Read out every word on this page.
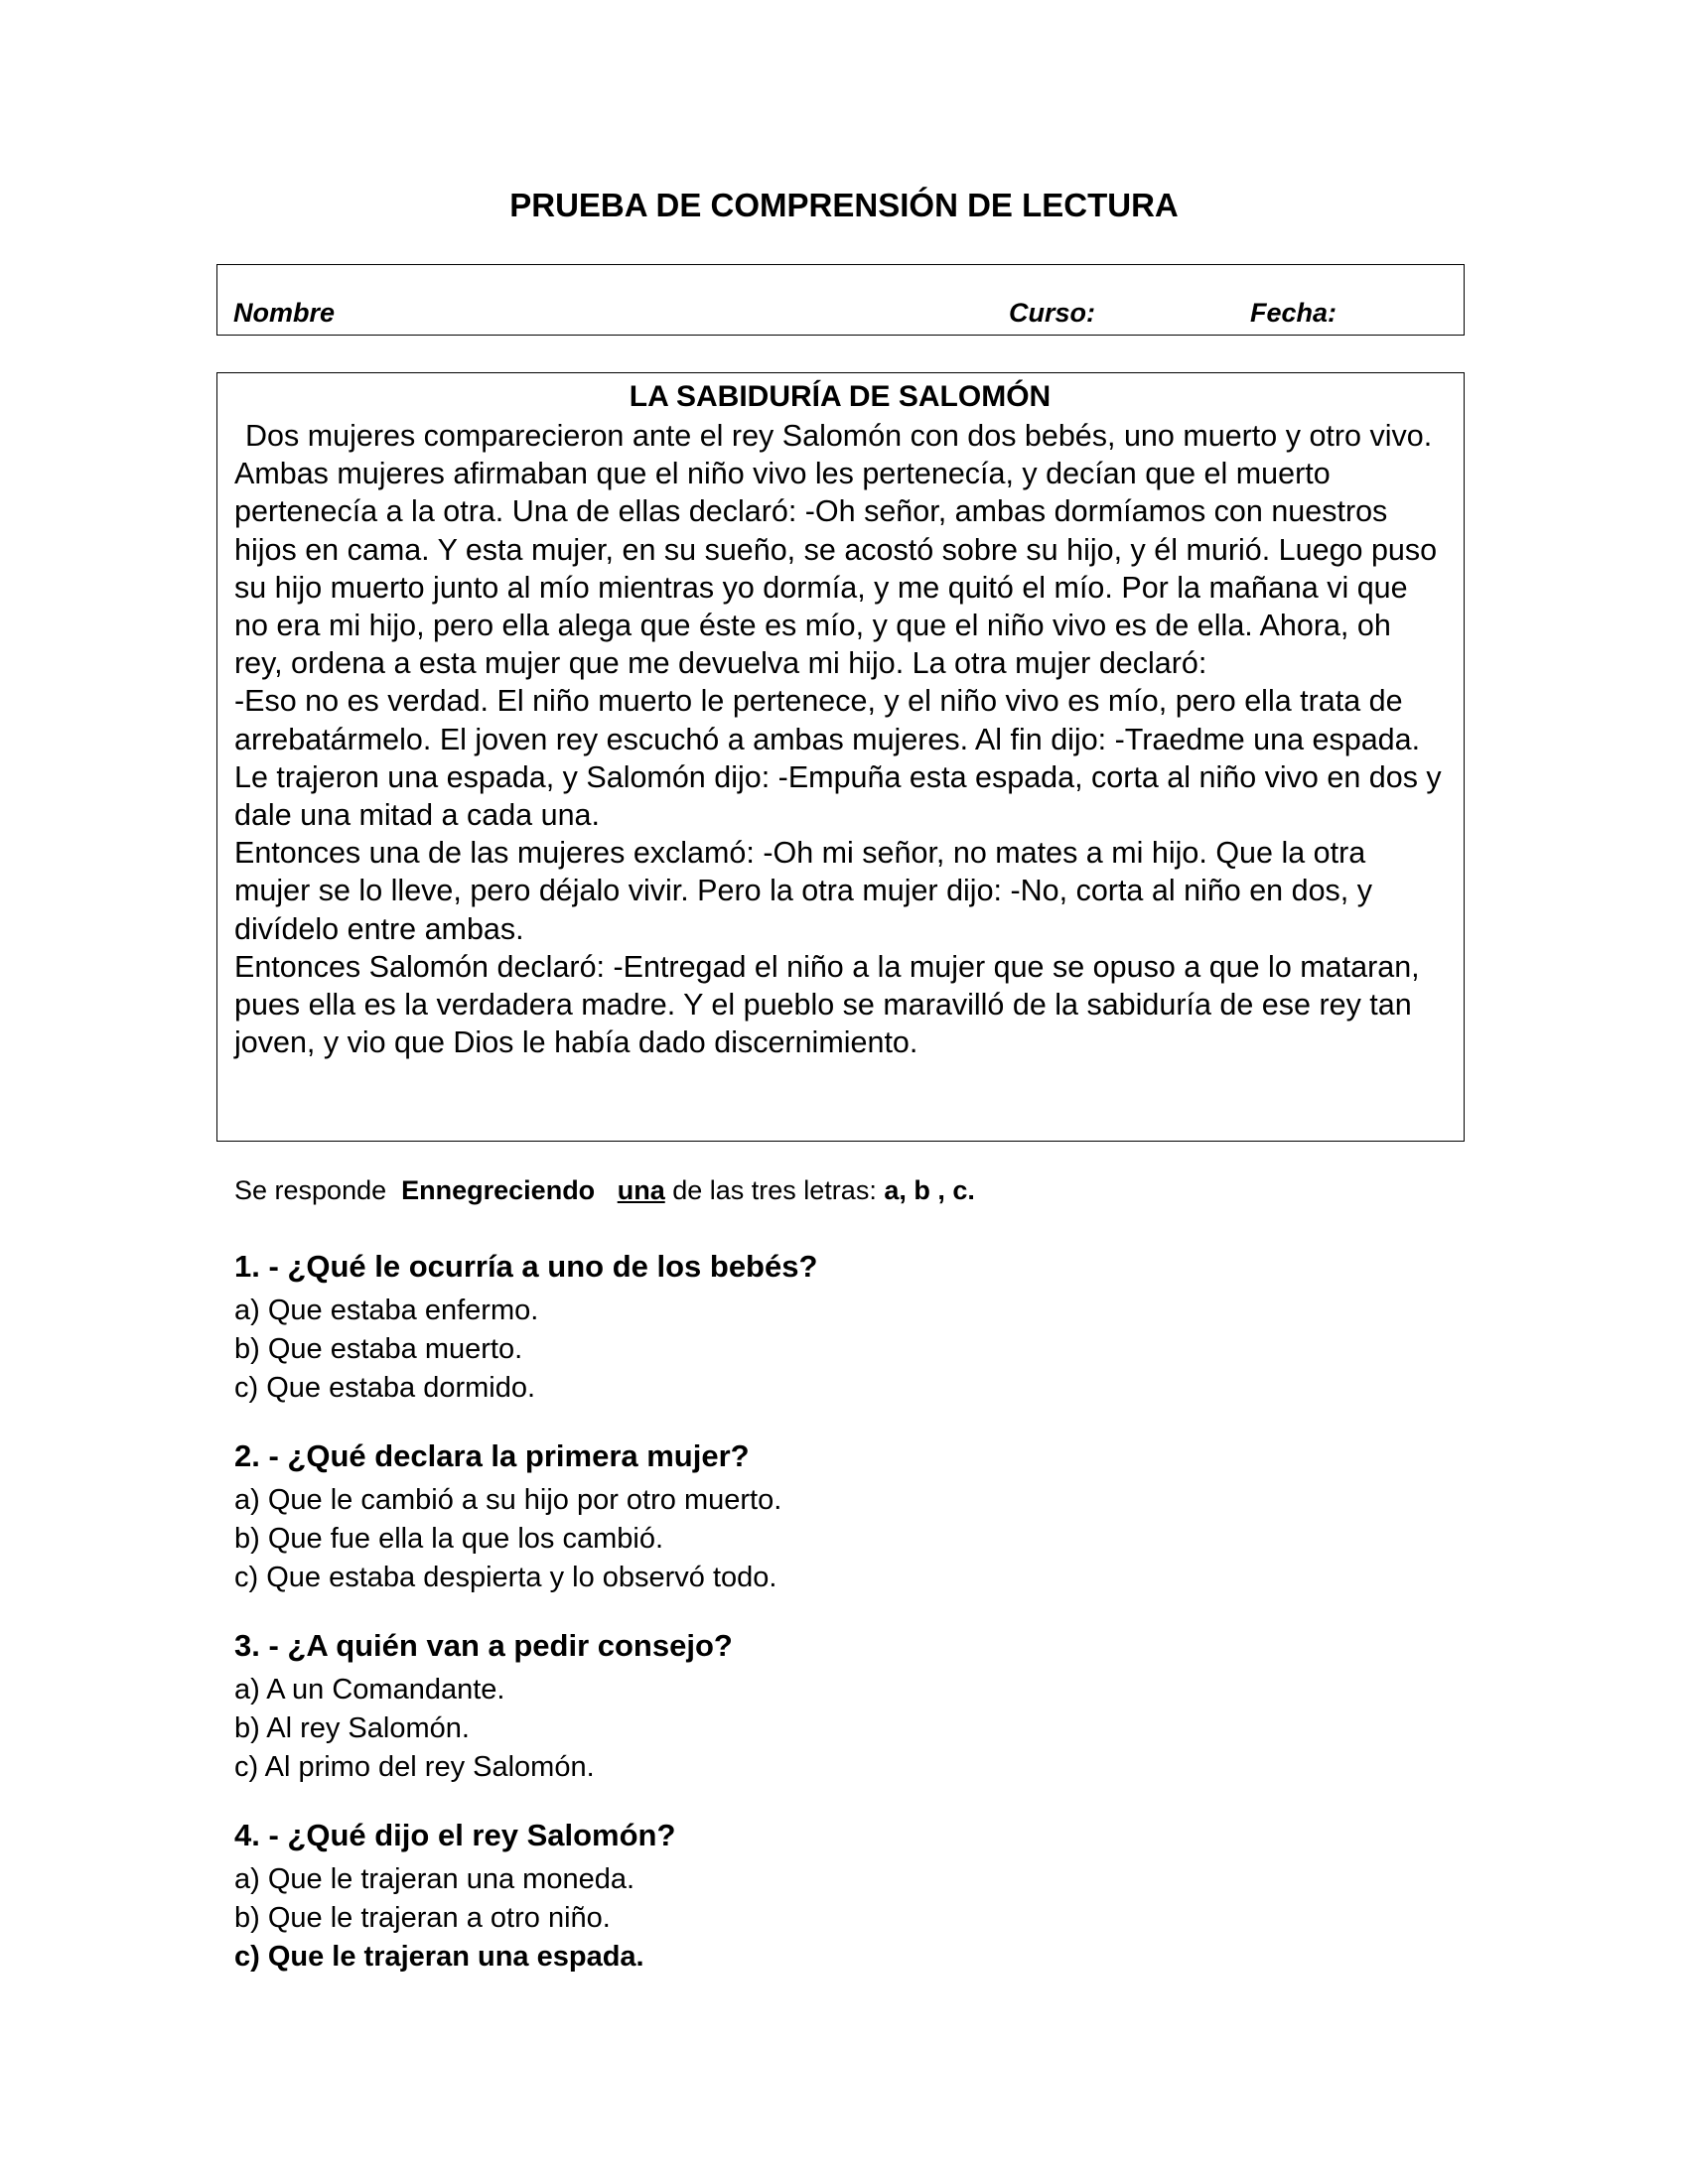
PRUEBA DE COMPRENSIÓN DE LECTURA
Nombre	Curso:	Fecha:
LA SABIDURÍA DE SALOMÓN

Dos mujeres comparecieron ante el rey Salomón con dos bebés, uno muerto y otro vivo. Ambas mujeres afirmaban que el niño vivo les pertenecía, y decían que el muerto pertenecía a la otra. Una de ellas declaró: -Oh señor, ambas dormíamos con nuestros hijos en cama. Y esta mujer, en su sueño, se acostó sobre su hijo, y él murió. Luego puso su hijo muerto junto al mío mientras yo dormía, y me quitó el mío. Por la mañana vi que no era mi hijo, pero ella alega que éste es mío, y que el niño vivo es de ella. Ahora, oh rey, ordena a esta mujer que me devuelva mi hijo. La otra mujer declaró:

-Eso no es verdad. El niño muerto le pertenece, y el niño vivo es mío, pero ella trata de arrebatármelo. El joven rey escuchó a ambas mujeres. Al fin dijo: -Traedme una espada.

Le trajeron una espada, y Salomón dijo: -Empuña esta espada, corta al niño vivo en dos y dale una mitad a cada una.

Entonces una de las mujeres exclamó: -Oh mi señor, no mates a mi hijo. Que la otra mujer se lo lleve, pero déjalo vivir. Pero la otra mujer dijo: -No, corta al niño en dos, y divídelo entre ambas.

Entonces Salomón declaró: -Entregad el niño a la mujer que se opuso a que lo mataran, pues ella es la verdadera madre. Y el pueblo se maravilló de la sabiduría de ese rey tan joven, y vio que Dios le había dado discernimiento.

Se responde Ennegreciendo una de las tres letras: a, b , c.

1. - ¿Qué le ocurría a uno de los bebés?

a) Que estaba enfermo.

b) Que estaba muerto.

c) Que estaba dormido.

2. - ¿Qué declara la primera mujer?

a) Que le cambió a su hijo por otro muerto.

b) Que fue ella la que los cambió.

c) Que estaba despierta y lo observó todo.

3. - ¿A quién van a pedir consejo?

a) A un Comandante.

b) Al rey Salomón.

c) Al primo del rey Salomón.

4. - ¿Qué dijo el rey Salomón?

a) Que le trajeran una moneda.

b) Que le trajeran a otro niño.

c) Que le trajeran una espada.
